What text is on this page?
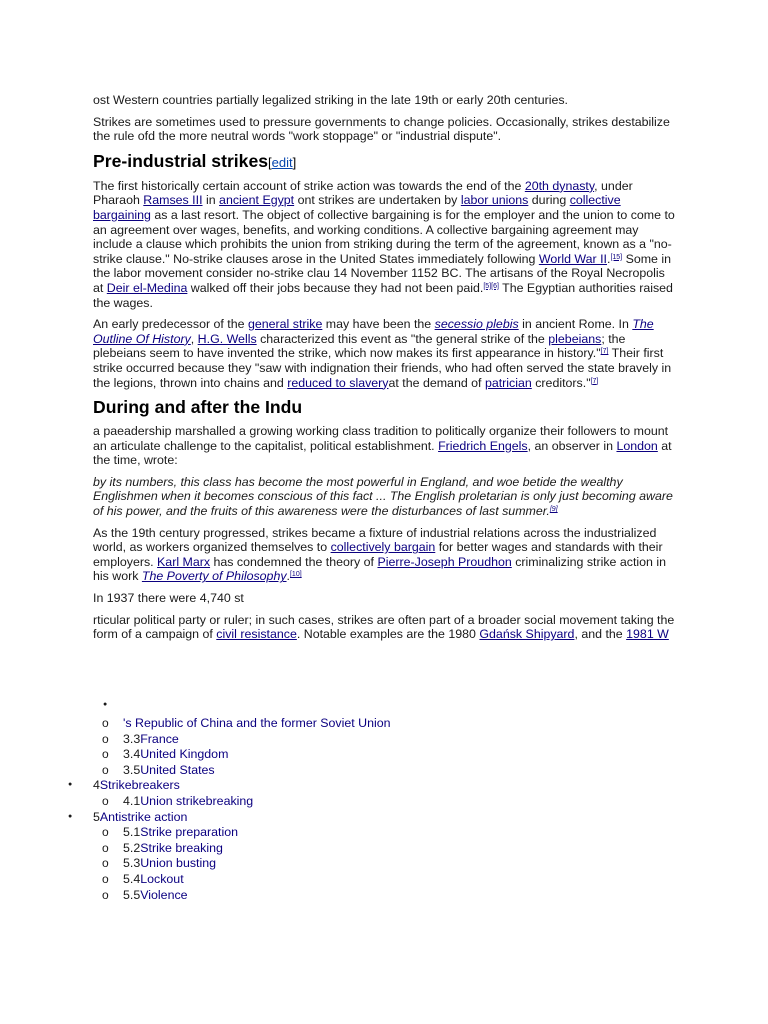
ost Western countries partially legalized striking in the late 19th or early 20th centuries.

Strikes are sometimes used to pressure governments to change policies. Occasionally, strikes destabilize the rule ofd the more neutral words "work stoppage" or "industrial dispute".

Pre-industrial strikes[edit]

The first historically certain account of strike action was towards the end of the 20th dynasty, under Pharaoh Ramses III in ancient Egypt ont strikes are undertaken by labor unions during collective bargaining as a last resort. The object of collective bargaining is for the employer and the union to come to an agreement over wages, benefits, and working conditions. A collective bargaining agreement may include a clause which prohibits the union from striking during the term of the agreement, known as a "no-strike clause." No-strike clauses arose in the United States immediately following World War II.[15] Some in the labor movement consider no-strike clau 14 November 1152 BC. The artisans of the Royal Necropolis at Deir el-Medina walked off their jobs because they had not been paid.[5][6] The Egyptian authorities raised the wages.

An early predecessor of the general strike may have been the secessio plebis in ancient Rome. In The Outline Of History, H.G. Wells characterized this event as "the general strike of the plebeians; the plebeians seem to have invented the strike, which now makes its first appearance in history."[7] Their first strike occurred because they "saw with indignation their friends, who had often served the state bravely in the legions, thrown into chains and reduced to slaveryat the demand of patrician creditors."[7]

During and after the Indu

a paeadership marshalled a growing working class tradition to politically organize their followers to mount an articulate challenge to the capitalist, political establishment. Friedrich Engels, an observer in London at the time, wrote:

by its numbers, this class has become the most powerful in England, and woe betide the wealthy Englishmen when it becomes conscious of this fact ... The English proletarian is only just becoming aware of his power, and the fruits of this awareness were the disturbances of last summer.[9]

As the 19th century progressed, strikes became a fixture of industrial relations across the industrialized world, as workers organized themselves to collectively bargain for better wages and standards with their employers. Karl Marx has condemned the theory of Pierre-Joseph Proudhon criminalizing strike action in his work The Poverty of Philosophy.[10]

In 1937 there were 4,740 st

rticular political party or ruler; in such cases, strikes are often part of a broader social movement taking the form of a campaign of civil resistance. Notable examples are the 1980 Gdańsk Shipyard, and the 1981 W

●
o 's Republic of China and the former Soviet Union
o 3.3France
o 3.4United Kingdom
o 3.5United States
● 4Strikebreakers
o 4.1Union strikebreaking
● 5Antistrike action
o 5.1Strike preparation
o 5.2Strike breaking
o 5.3Union busting
o 5.4Lockout
o 5.5Violence
